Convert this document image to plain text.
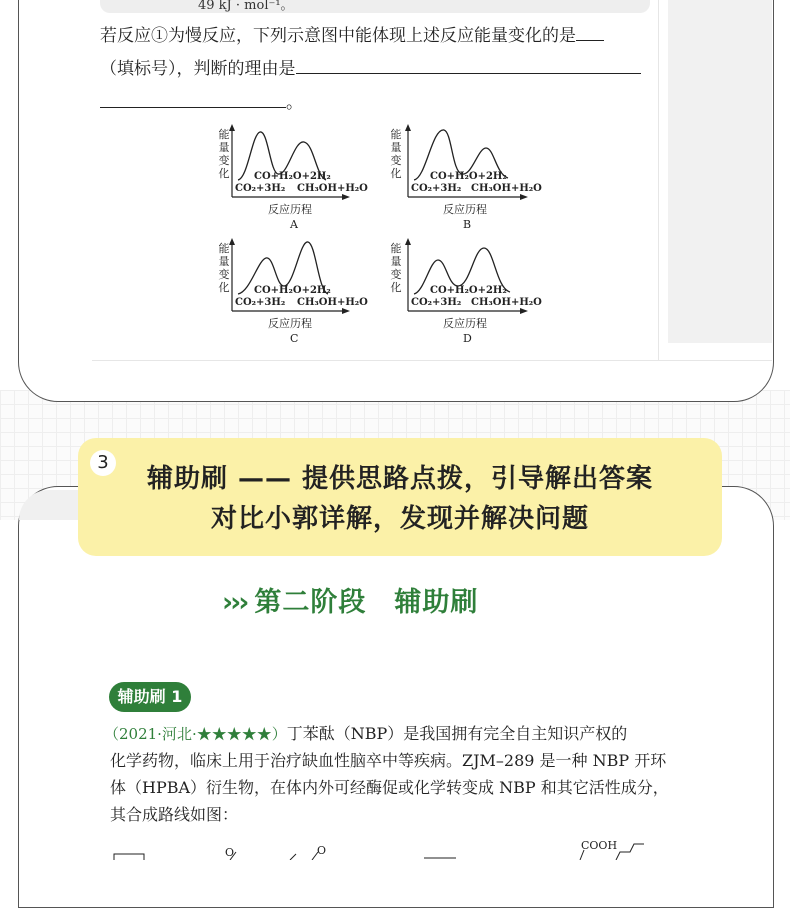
49 kJ · mol⁻¹。
若反应①为慢反应，下列示意图中能体现上述反应能量变化的是
（填标号），判断的理由是
。
能量变化 CO+H₂O+2H₂
CO₂+3H₂ CH₃OH+H₂O
反应历程
A
能量变化	CO+H₂O+2H₂
CO₂+3H₂ CH₃OH+H₂O
反应历程
B
能量变化 CO+H₂O+2H₂
CO₂+3H₂ CH₃OH+H₂O
反应历程
C
能量变化	CO+H₂O+2H₂
CO₂+3H₂ CH₃OH+H₂O
反应历程
D
3
辅助刷 —— 提供思路点拨，引导解出答案
对比小郭详解，发现并解决问题
››› 第二阶段　辅助刷
辅助刷 1
（2021·河北·★★★★★）丁苯酞（NBP）是我国拥有完全自主知识产权的
化学药物，临床上用于治疗缺血性脑卒中等疾病。ZJM–289 是一种 NBP 开环
体（HPBA）衍生物，在体内外可经酶促或化学转变成 NBP 和其它活性成分，
其合成路线如图：
O	O	COOH
